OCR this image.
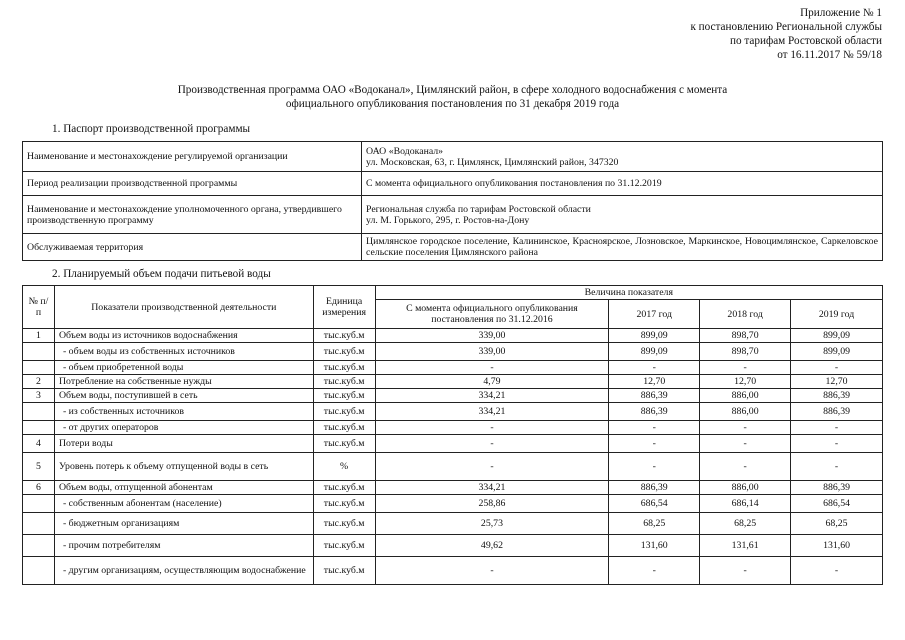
Приложение № 1
к постановлению Региональной службы
по тарифам Ростовской области
от 16.11.2017 № 59/18
Производственная программа ОАО «Водоканал», Цимлянский район, в сфере холодного водоснабжения с момента
официального опубликования постановления по 31 декабря 2019 года
1. Паспорт производственной программы
Наименование и местонахождение регулируемой организации	ОАО «Водоканал»
ул. Московская, 63, г. Цимлянск, Цимлянский район, 347320

Период реализации производственной программы	С момента официального опубликования постановления по 31.12.2019

Наименование и местонахождение уполномоченного органа, утвердившего производственную программу	Региональная служба по тарифам Ростовской области
ул. М. Горького, 295, г. Ростов-на-Дону

Обслуживаемая территория	Цимлянское городское поселение, Калининское, Красноярское, Лозновское, Маркинское, Новоцимлянское, Саркеловское сельские поселения Цимлянского района
2. Планируемый объем подачи питьевой воды
№ п/п	Показатели производственной деятельности	Единица измерения	Величина показателя			
			С момента официального опубликования постановления по 31.12.2016	2017 год	2018 год	2019 год
1	Объем воды из источников водоснабжения	тыс.куб.м	339,00	899,09	898,70	899,09
	- объем воды из собственных источников	тыс.куб.м	339,00	899,09	898,70	899,09
	- объем приобретенной воды	тыс.куб.м	-	-	-	-
2	Потребление на собственные нужды	тыс.куб.м	4,79	12,70	12,70	12,70
3	Объем воды, поступившей в сеть	тыс.куб.м	334,21	886,39	886,00	886,39
	- из собственных источников	тыс.куб.м	334,21	886,39	886,00	886,39
	- от других операторов	тыс.куб.м	-	-	-	-
4	Потери воды	тыс.куб.м	-	-	-	-
5	Уровень потерь к объему отпущенной воды в сеть	%	-	-	-	-
6	Объем воды, отпущенной абонентам	тыс.куб.м	334,21	886,39	886,00	886,39
	- собственным абонентам (население)	тыс.куб.м	258,86	686,54	686,14	686,54
	- бюджетным организациям	тыс.куб.м	25,73	68,25	68,25	68,25
	- прочим потребителям	тыс.куб.м	49,62	131,60	131,61	131,60
	- другим организациям, осуществляющим водоснабжение	тыс.куб.м	-	-	-	-
